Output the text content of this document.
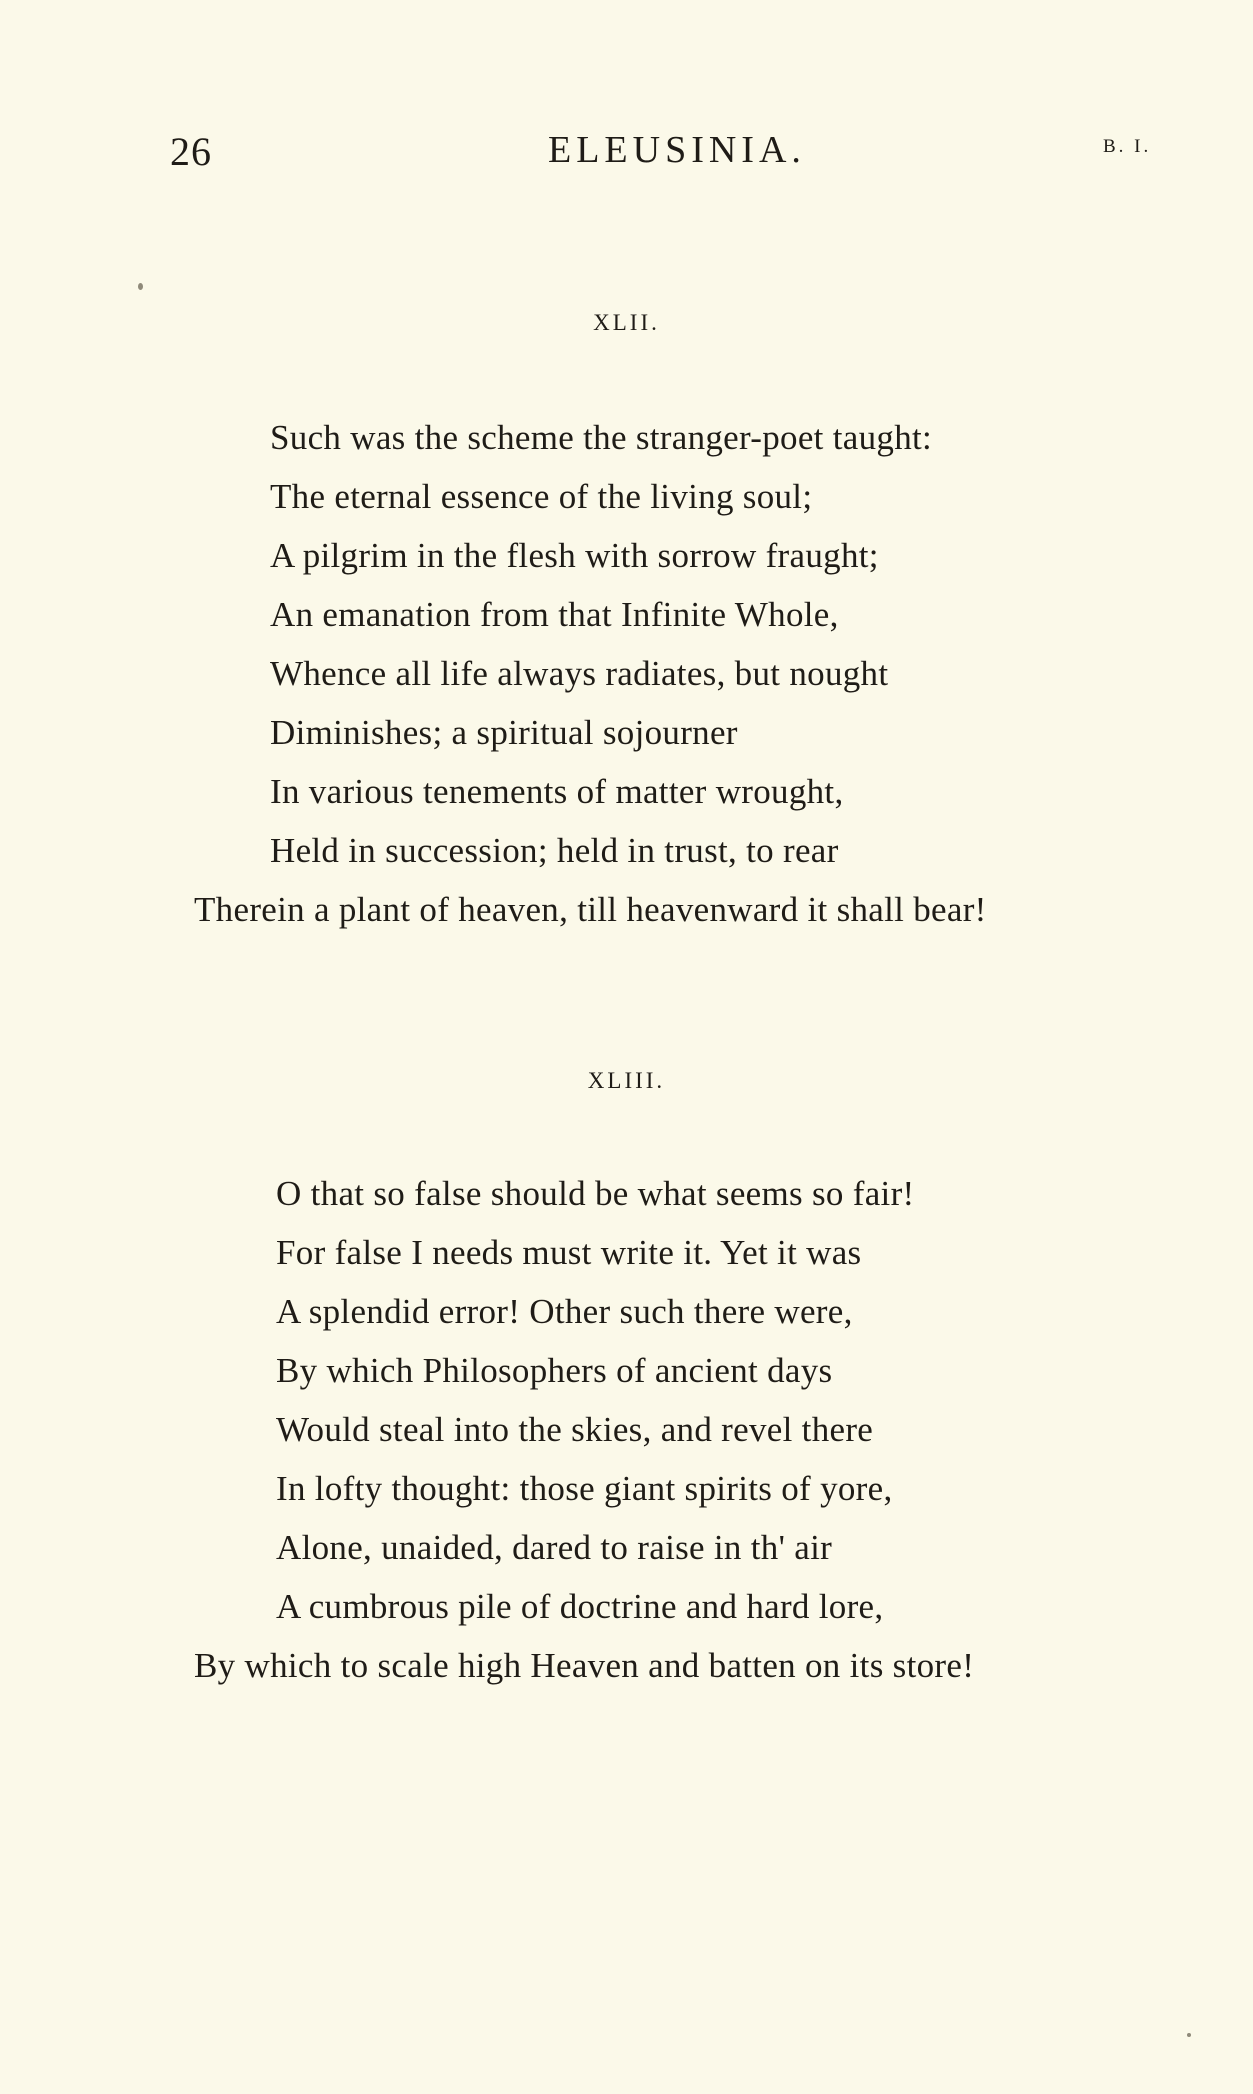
26	ELEUSINIA.	B. I.
XLII.
Such was the scheme the stranger-poet taught:
The eternal essence of the living soul;
A pilgrim in the flesh with sorrow fraught;
An emanation from that Infinite Whole,
Whence all life always radiates, but nought
Diminishes; a spiritual sojourner
In various tenements of matter wrought,
Held in succession; held in trust, to rear
Therein a plant of heaven, till heavenward it shall bear!
XLIII.
O that so false should be what seems so fair!
For false I needs must write it. Yet it was
A splendid error! Other such there were,
By which Philosophers of ancient days
Would steal into the skies, and revel there
In lofty thought: those giant spirits of yore,
Alone, unaided, dared to raise in th' air
A cumbrous pile of doctrine and hard lore,
By which to scale high Heaven and batten on its store!
